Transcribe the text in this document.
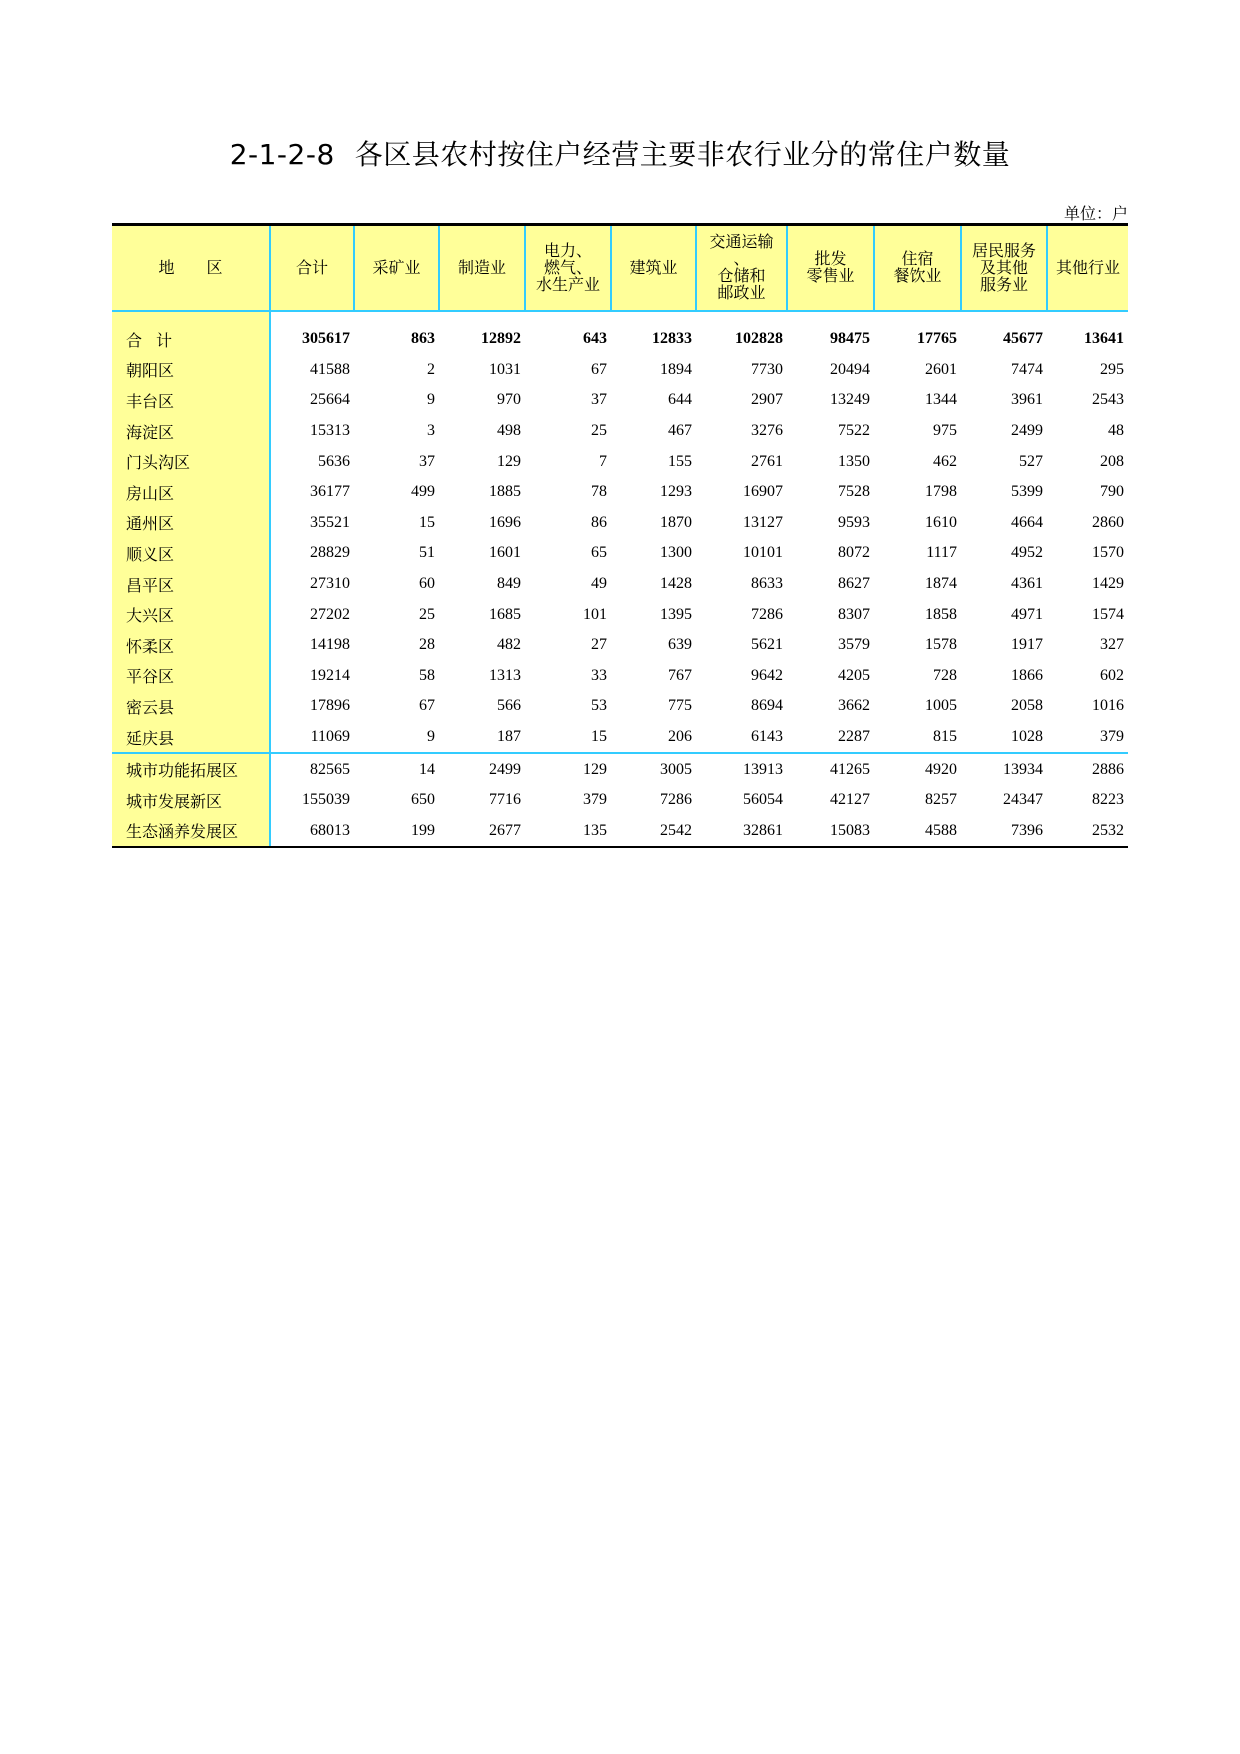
2-1-2-8 各区县农村按住户经营主要非农行业分的常住户数量
单位：户
地　　区	合计	采矿业	制造业	电力、
燃气、
水生产业	建筑业	交通运输
、
仓储和
邮政业	批发
零售业	住宿
餐饮业	居民服务
及其他
服务业	其他行业

合计	305617	863	12892	643	12833	102828	98475	17765	45677	13641
朝阳区	41588	2	1031	67	1894	7730	20494	2601	7474	295
丰台区	25664	9	970	37	644	2907	13249	1344	3961	2543
海淀区	15313	3	498	25	467	3276	7522	975	2499	48
门头沟区	5636	37	129	7	155	2761	1350	462	527	208
房山区	36177	499	1885	78	1293	16907	7528	1798	5399	790
通州区	35521	15	1696	86	1870	13127	9593	1610	4664	2860
顺义区	28829	51	1601	65	1300	10101	8072	1117	4952	1570
昌平区	27310	60	849	49	1428	8633	8627	1874	4361	1429
大兴区	27202	25	1685	101	1395	7286	8307	1858	4971	1574
怀柔区	14198	28	482	27	639	5621	3579	1578	1917	327
平谷区	19214	58	1313	33	767	9642	4205	728	1866	602
密云县	17896	67	566	53	775	8694	3662	1005	2058	1016
延庆县	11069	9	187	15	206	6143	2287	815	1028	379
城市功能拓展区	82565	14	2499	129	3005	13913	41265	4920	13934	2886
城市发展新区	155039	650	7716	379	7286	56054	42127	8257	24347	8223
生态涵养发展区	68013	199	2677	135	2542	32861	15083	4588	7396	2532
